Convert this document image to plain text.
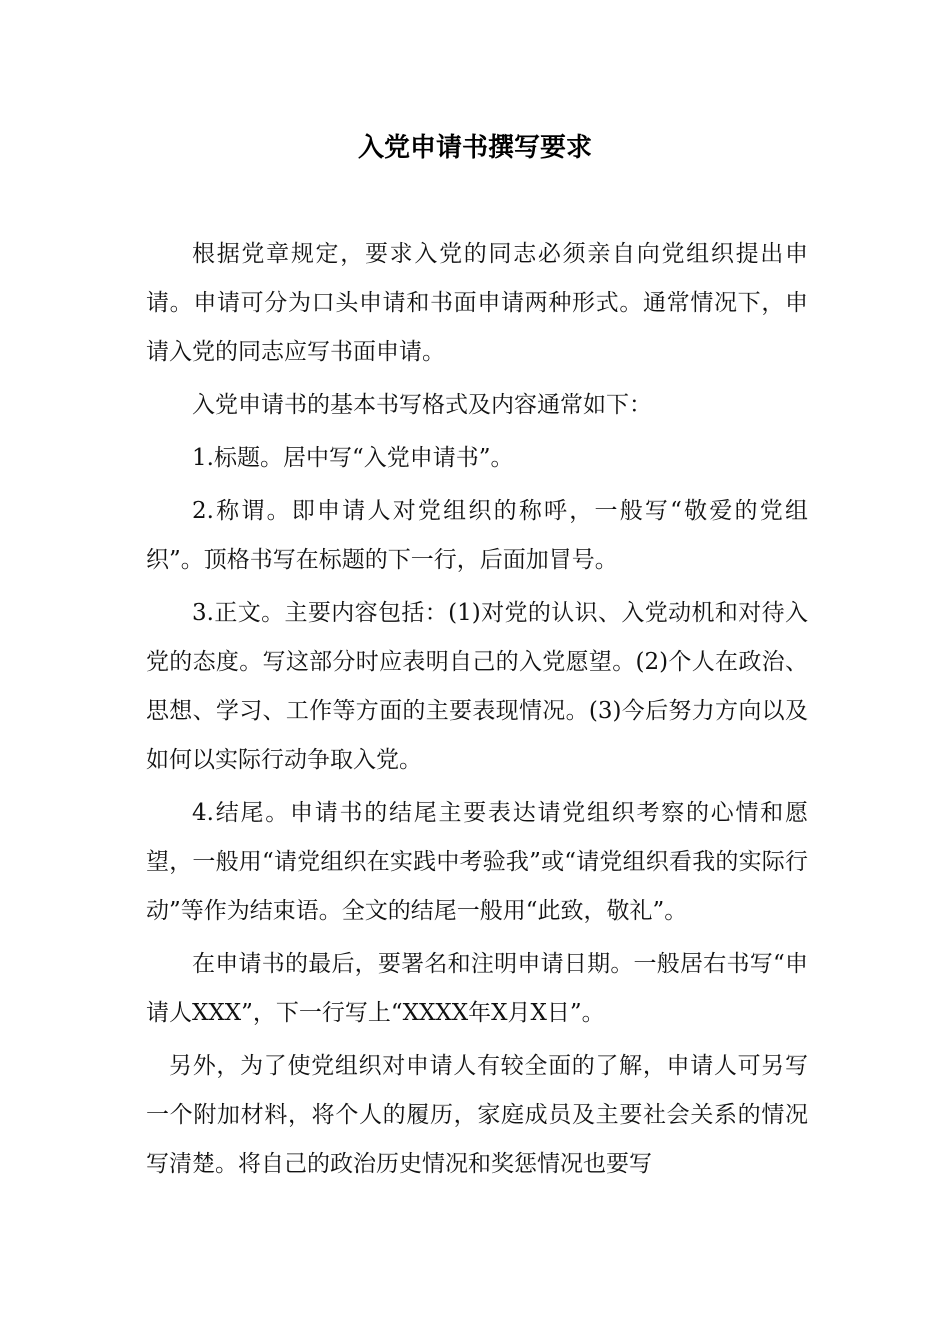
入党申请书撰写要求

根据党章规定，要求入党的同志必须亲自向党组织提出申请。申请可分为口头申请和书面申请两种形式。通常情况下，申请入党的同志应写书面申请。

入党申请书的基本书写格式及内容通常如下：

1.标题。居中写“入党申请书”。

2.称谓。即申请人对党组织的称呼，一般写“敬爱的党组织”。顶格书写在标题的下一行，后面加冒号。

3.正文。主要内容包括：(1)对党的认识、入党动机和对待入党的态度。写这部分时应表明自己的入党愿望。(2)个人在政治、思想、学习、工作等方面的主要表现情况。(3)今后努力方向以及如何以实际行动争取入党。

4.结尾。申请书的结尾主要表达请党组织考察的心情和愿望，一般用“请党组织在实践中考验我”或“请党组织看我的实际行动”等作为结束语。全文的结尾一般用“此致，敬礼”。

在申请书的最后，要署名和注明申请日期。一般居右书写“申请人XXX”，下一行写上“XXXX年X月X日”。

另外，为了使党组织对申请人有较全面的了解，申请人可另写一个附加材料，将个人的履历，家庭成员及主要社会关系的情况写清楚。将自己的政治历史情况和奖惩情况也要写
